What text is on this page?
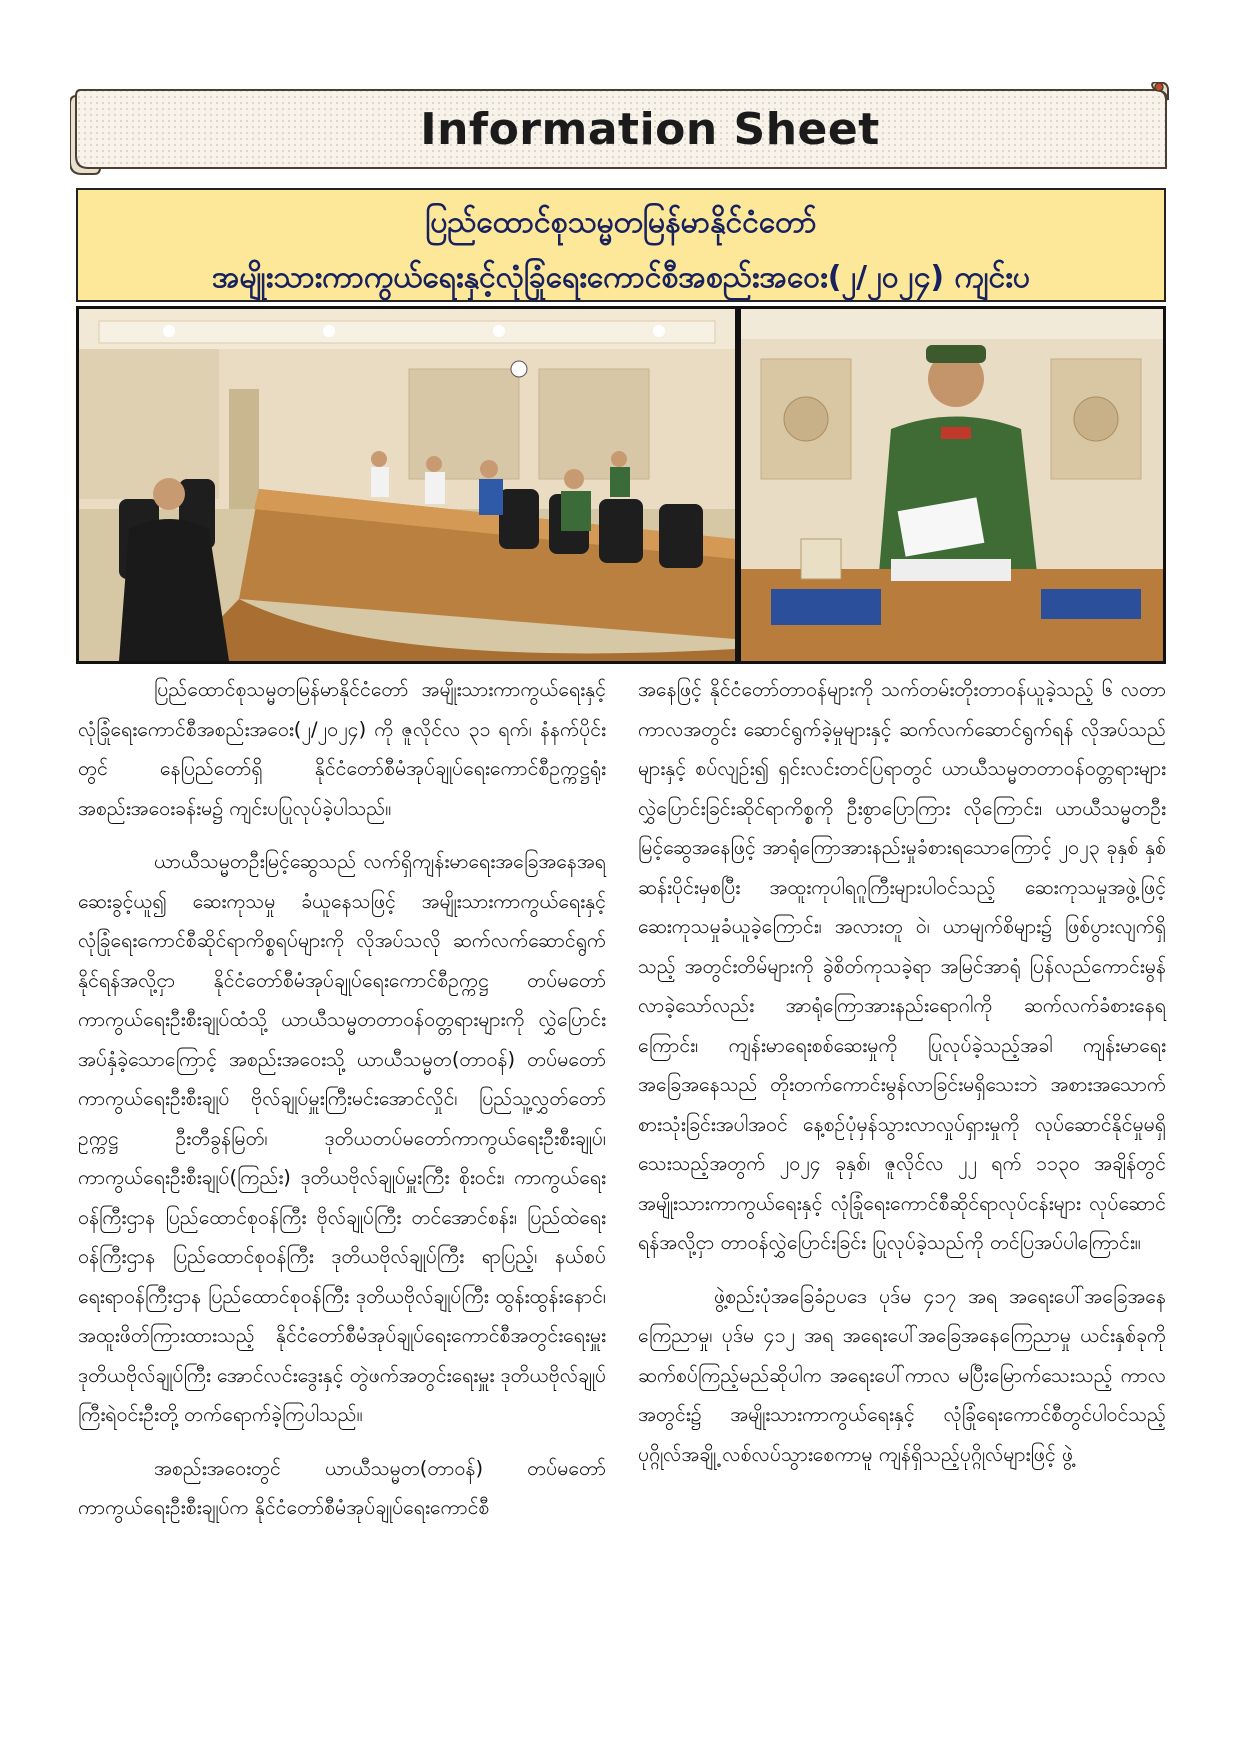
Information Sheet
ပြည်ထောင်စုသမ္မတမြန်မာနိုင်ငံတော်
အမျိုးသားကာကွယ်ရေးနှင့်လုံခြုံရေးကောင်စီအစည်းအဝေး(၂/၂၀၂၄) ကျင်းပ

ပြည်ထောင်စုသမ္မတမြန်မာနိုင်ငံတော် အမျိုးသားကာကွယ်ရေးနှင့် လုံခြုံရေးကောင်စီအစည်းအဝေး(၂/၂၀၂၄) ကို ဇူလိုင်လ ၃၁ ရက်၊ နံနက်ပိုင်းတွင် နေပြည်တော်ရှိ နိုင်ငံတော်စီမံအုပ်ချုပ်ရေးကောင်စီဥက္ကဋ္ဌရုံး အစည်းအဝေးခန်းမ၌ ကျင်းပပြုလုပ်ခဲ့ပါသည်။

ယာယီသမ္မတဦးမြင့်ဆွေသည် လက်ရှိကျန်းမာရေးအခြေအနေအရ ဆေးခွင့်ယူ၍ ဆေးကုသမှု ခံယူနေသဖြင့် အမျိုးသားကာကွယ်ရေးနှင့် လုံခြုံရေးကောင်စီဆိုင်ရာကိစ္စရပ်များကို လိုအပ်သလို ဆက်လက်ဆောင်ရွက်နိုင်ရန်အလို့ငှာ နိုင်ငံတော်စီမံအုပ်ချုပ်ရေးကောင်စီဥက္ကဋ္ဌ တပ်မတော်ကာကွယ်ရေးဦးစီးချုပ်ထံသို့ ယာယီသမ္မတတာဝန်ဝတ္တရားများကို လွှဲပြောင်းအပ်နှံခဲ့သောကြောင့် အစည်းအဝေးသို့ ယာယီသမ္မတ(တာဝန်) တပ်မတော်ကာကွယ်ရေးဦးစီးချုပ် ဗိုလ်ချုပ်မှူးကြီးမင်းအောင်လှိုင်၊ ပြည်သူ့လွှတ်တော်ဥက္ကဋ္ဌ ဦးတီခွန်မြတ်၊ ဒုတိယတပ်မတော်ကာကွယ်ရေးဦးစီးချုပ်၊ ကာကွယ်ရေးဦးစီးချုပ်(ကြည်း) ဒုတိယဗိုလ်ချုပ်မှူးကြီး စိုးဝင်း၊ ကာကွယ်ရေးဝန်ကြီးဌာန ပြည်ထောင်စုဝန်ကြီး ဗိုလ်ချုပ်ကြီး တင်အောင်စန်း၊ ပြည်ထဲရေးဝန်ကြီးဌာန ပြည်ထောင်စုဝန်ကြီး ဒုတိယဗိုလ်ချုပ်ကြီး ရာပြည့်၊ နယ်စပ်ရေးရာဝန်ကြီးဌာန ပြည်ထောင်စုဝန်ကြီး ဒုတိယဗိုလ်ချုပ်ကြီး ထွန်းထွန်းနောင်၊ အထူးဖိတ်ကြားထားသည့် နိုင်ငံတော်စီမံအုပ်ချုပ်ရေးကောင်စီအတွင်းရေးမှူး ဒုတိယဗိုလ်ချုပ်ကြီး အောင်လင်းဒွေးနှင့် တွဲဖက်အတွင်းရေးမှူး ဒုတိယဗိုလ်ချုပ်ကြီးရဲဝင်းဦးတို့ တက်ရောက်ခဲ့ကြပါသည်။

အစည်းအဝေးတွင် ယာယီသမ္မတ(တာဝန်) တပ်မတော်ကာကွယ်ရေးဦးစီးချုပ်က နိုင်ငံတော်စီမံအုပ်ချုပ်ရေးကောင်စီ

အနေဖြင့် နိုင်ငံတော်တာဝန်များကို သက်တမ်းတိုးတာဝန်ယူခဲ့သည့် ၆ လတာ ကာလအတွင်း ဆောင်ရွက်ခဲ့မှုများနှင့် ဆက်လက်ဆောင်ရွက်ရန် လိုအပ်သည်များနှင့် စပ်လျဉ်း၍ ရှင်းလင်းတင်ပြရာတွင် ယာယီသမ္မတတာဝန်ဝတ္တရားများ လွှဲပြောင်းခြင်းဆိုင်ရာကိစ္စကို ဦးစွာပြောကြား လိုကြောင်း၊ ယာယီသမ္မတဦးမြင့်ဆွေအနေဖြင့် အာရုံကြောအားနည်းမှုခံစားရသောကြောင့် ၂၀၂၃ ခုနှစ် နှစ်ဆန်းပိုင်းမှစပြီး အထူးကုပါရဂူကြီးများပါဝင်သည့် ဆေးကုသမှုအဖွဲ့ဖြင့် ဆေးကုသမှုခံယူခဲ့ကြောင်း၊ အလားတူ ဝဲ၊ ယာမျက်စိများ၌ ဖြစ်ပွားလျက်ရှိသည့် အတွင်းတိမ်များကို ခွဲစိတ်ကုသခဲ့ရာ အမြင်အာရုံ ပြန်လည်ကောင်းမွန်လာခဲ့သော်လည်း အာရုံကြောအားနည်းရောဂါကို ဆက်လက်ခံစားနေရကြောင်း၊ ကျန်းမာရေးစစ်ဆေးမှုကို ပြုလုပ်ခဲ့သည့်အခါ ကျန်းမာရေးအခြေအနေသည် တိုးတက်ကောင်းမွန်လာခြင်းမရှိသေးဘဲ အစားအသောက်စားသုံးခြင်းအပါအဝင် နေ့စဉ်ပုံမှန်သွားလာလှုပ်ရှားမှုကို လုပ်ဆောင်နိုင်မှုမရှိသေးသည့်အတွက် ၂၀၂၄ ခုနှစ်၊ ဇူလိုင်လ ၂၂ ရက် ၁၁၃၀ အချိန်တွင် အမျိုးသားကာကွယ်ရေးနှင့် လုံခြုံရေးကောင်စီဆိုင်ရာလုပ်ငန်းများ လုပ်ဆောင်ရန်အလို့ငှာ တာဝန်လွှဲပြောင်းခြင်း ပြုလုပ်ခဲ့သည်ကို တင်ပြအပ်ပါကြောင်း။

ဖွဲ့စည်းပုံအခြေခံဥပဒေ ပုဒ်မ ၄၁၇ အရ အရေးပေါ်အခြေအနေကြေညာမှု၊ ပုဒ်မ ၄၁၂ အရ အရေးပေါ်အခြေအနေကြေညာမှု ယင်းနှစ်ခုကို ဆက်စပ်ကြည့်မည်ဆိုပါက အရေးပေါ်ကာလ မပြီးမြောက်သေးသည့် ကာလအတွင်း၌ အမျိုးသားကာကွယ်ရေးနှင့် လုံခြုံရေးကောင်စီတွင်ပါဝင်သည့် ပုဂ္ဂိုလ်အချို့ လစ်လပ်သွားစေကာမူ ကျန်ရှိသည့်ပုဂ္ဂိုလ်များဖြင့် ဖွဲ့
